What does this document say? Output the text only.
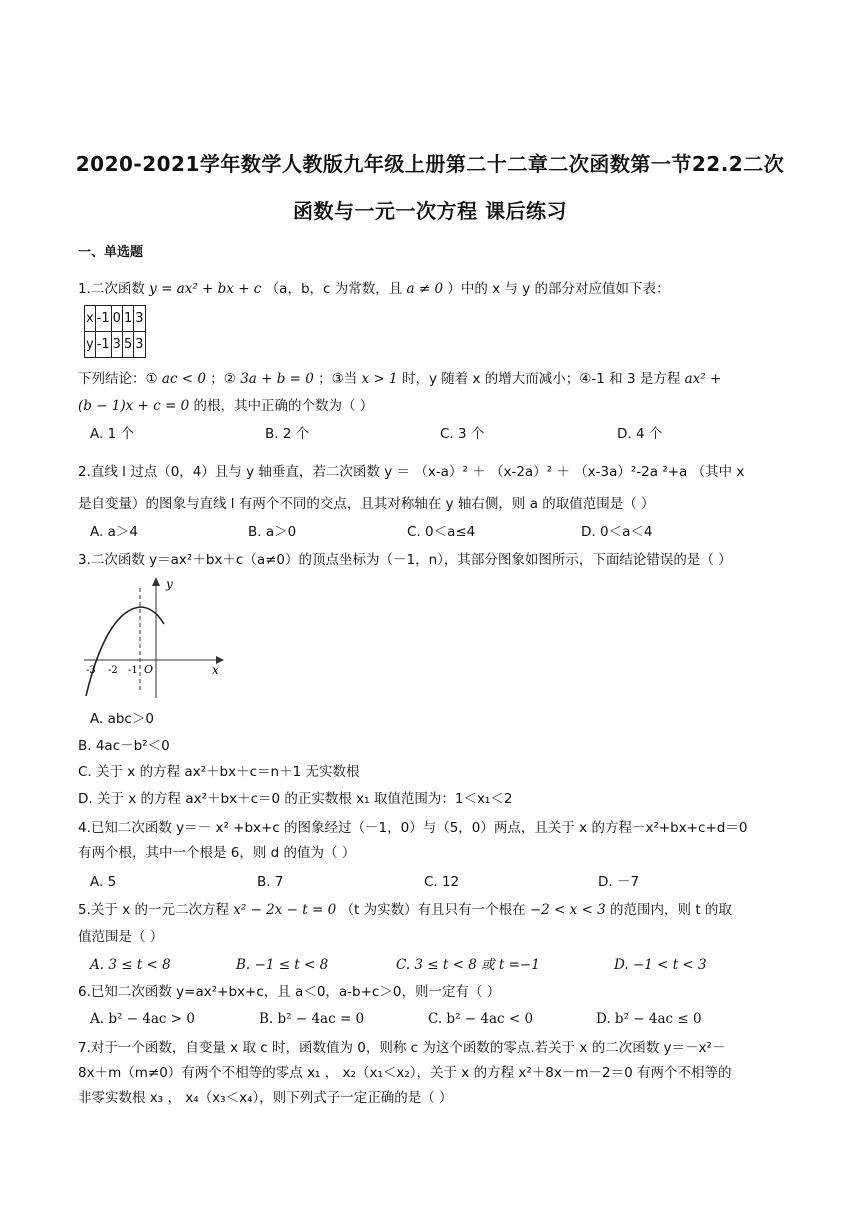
2020-2021学年数学人教版九年级上册第二十二章二次函数第一节22.2二次
函数与一元一次方程 课后练习
一、单选题
1.二次函数 y = ax² + bx + c （a，b，c 为常数，且 a ≠ 0 ）中的 x 与 y 的部分对应值如下表：
x	-1	0	1	3
y	-1	3	5	3
下列结论：① ac < 0 ；② 3a + b = 0 ；③当 x > 1 时，y 随着 x 的增大而减小；④-1 和 3 是方程 ax² +
(b − 1)x + c = 0 的根，其中正确的个数为（ ）
A. 1 个	B. 2 个	C. 3 个	D. 4 个
2.直线 l 过点（0，4）且与 y 轴垂直，若二次函数 y ＝ （x-a）² ＋ （x-2a）² ＋ （x-3a）²-2a ²+a （其中 x
是自变量）的图象与直线 l 有两个不同的交点，且其对称轴在 y 轴右侧，则 a 的取值范围是（ ）
A. a＞4	B. a＞0	C. 0＜a≤4	D. 0＜a＜4
3.二次函数 y＝ax²＋bx＋c（a≠0）的顶点坐标为（－1，n），其部分图象如图所示，下面结论错误的是（ ）
y
x
O
-3 -2 -1
A. abc＞0
B. 4ac－b²＜0
C. 关于 x 的方程 ax²＋bx＋c＝n＋1 无实数根
D. 关于 x 的方程 ax²＋bx＋c＝0 的正实数根 x₁ 取值范围为：1＜x₁＜2
4.已知二次函数 y＝－ x² +bx+c 的图象经过（－1，0）与（5，0）两点，且关于 x 的方程－x²+bx+c+d＝0
有两个根，其中一个根是 6，则 d 的值为（ ）
A. 5	B. 7	C. 12	D. －7
5.关于 x 的一元二次方程 x² − 2x − t = 0 （t 为实数）有且只有一个根在 −2 < x < 3 的范围内，则 t 的取
值范围是（ ）
A. 3 ≤ t < 8	B. −1 ≤ t < 8	C. 3 ≤ t < 8 或 t =−1	D. −1 < t < 3
6.已知二次函数 y=ax²+bx+c，且 a＜0，a-b+c＞0，则一定有（ ）
A. b² − 4ac > 0	B. b² − 4ac = 0	C. b² − 4ac < 0	D. b² − 4ac ≤ 0
7.对于一个函数，自变量 x 取 c 时，函数值为 0，则称 c 为这个函数的零点.若关于 x 的二次函数 y＝－x²－
8x＋m（m≠0）有两个不相等的零点 x₁ ， x₂（x₁＜x₂），关于 x 的方程 x²＋8x－m－2＝0 有两个不相等的
非零实数根 x₃ ， x₄（x₃＜x₄），则下列式子一定正确的是（ ）
